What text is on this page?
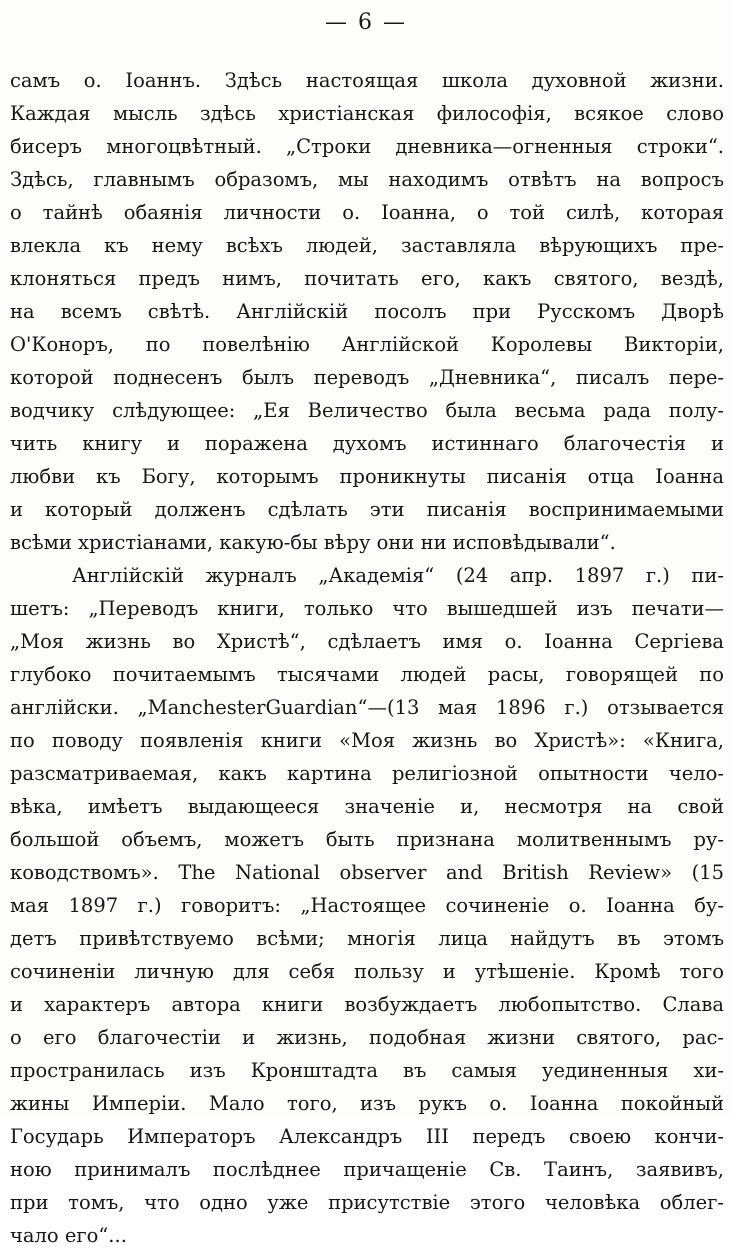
— 6 —
самъ о. Іоаннъ. Здѣсь настоящая школа духовной жизни.
Каждая мысль здѣсь христіанская философія, всякое слово
бисеръ многоцвѣтный. „Строки дневника—огненныя строки“.
Здѣсь, главнымъ образомъ, мы находимъ отвѣтъ на вопросъ
о тайнѣ обаянія личности о. Іоанна, о той силѣ, которая
влекла къ нему всѣхъ людей, заставляла вѣрующихъ пре-
клоняться предъ нимъ, почитать его, какъ святого, вездѣ,
на всемъ свѣтѣ. Англійскій посолъ при Русскомъ Дворѣ
О'Коноръ, по повелѣнію Англійской Королевы Викторіи,
которой поднесенъ былъ переводъ „Дневника“, писалъ пере-
водчику слѣдующее: „Ея Величество была весьма рада полу-
чить книгу и поражена духомъ истиннаго благочестія и
любви къ Богу, которымъ проникнуты писанія отца Іоанна
и который долженъ сдѣлать эти писанія воспринимаемыми
всѣми христіанами, какую-бы вѣру они ни исповѣдывали“.
Англійскій журналъ „Академія“ (24 апр. 1897 г.) пи-
шетъ: „Переводъ книги, только что вышедшей изъ печати—
„Моя жизнь во Христѣ“, сдѣлаетъ имя о. Іоанна Сергіева
глубоко почитаемымъ тысячами людей расы, говорящей по
англійски. „ManchesterGuardian“—(13 мая 1896 г.) отзывается
по поводу появленія книги «Моя жизнь во Христѣ»: «Книга,
разсматриваемая, какъ картина религіозной опытности чело-
вѣка, имѣетъ выдающееся значеніе и, несмотря на свой
большой объемъ, можетъ быть признана молитвеннымъ ру-
ководствомъ». The National observer and British Review» (15
мая 1897 г.) говоритъ: „Настоящее сочиненіе о. Іоанна бу-
детъ привѣтствуемо всѣми; многія лица найдутъ въ этомъ
сочиненіи личную для себя пользу и утѣшеніе. Кромѣ того
и характеръ автора книги возбуждаетъ любопытство. Слава
о его благочестіи и жизнь, подобная жизни святого, рас-
пространилась изъ Кронштадта въ самыя уединенныя хи-
жины Имперіи. Мало того, изъ рукъ о. Іоанна покойный
Государь Императоръ Александръ III передъ своею кончи-
ною принималъ послѣднее причащеніе Св. Таинъ, заявивъ,
при томъ, что одно уже присутствіе этого человѣка облег-
чало его“...
